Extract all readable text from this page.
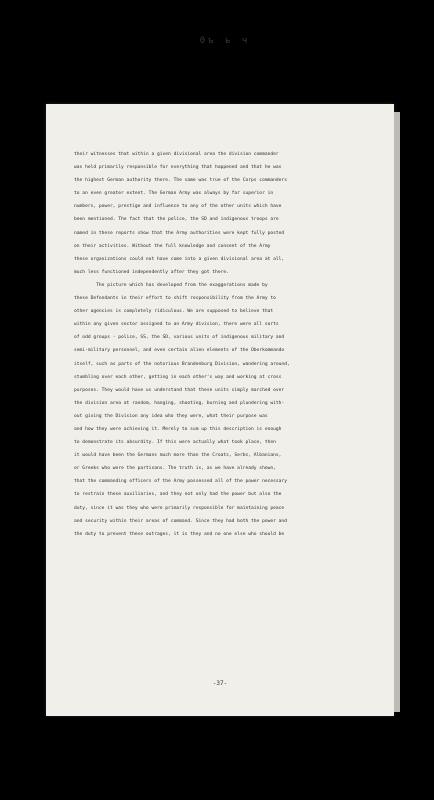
0ъ ь ч
their witnesses that within a given divisional area the division commander
was held primarily responsible for everything that happened and that he was
the highest German authority there. The same was true of the Corps commanders
to an even greater extent. The German Army was always by far superior in
numbers, power, prestige and influence to any of the other units which have
been mentioned. The fact that the police, the SD and indigenous troops are
named in these reports show that the Army authorities were kept fully posted
on their activities. Without the full knowledge and consent of the Army
these organizations could not have come into a given divisional area at all,
much less functioned independently after they got there.
The picture which has developed from the exaggerations made by
these Defendants in their effort to shift responsibility from the Army to
other agencies is completely ridiculous. We are supposed to believe that
within any given sector assigned to an Army division, there were all sorts
of odd groups - police, SS, the SD, various units of indigenous military and
semi-military personnel, and even certain alien elements of the Oberkommando
itself, such as parts of the notorious Brandenburg Division, wandering around,
stumbling over each other, getting in each other's way and working at cross
purposes. They would have us understand that these units simply marched over
the division area at random, hanging, shooting, burning and plundering with-
out giving the Division any idea who they were, what their purpose was
and how they were achieving it. Merely to sum up this description is enough
to demonstrate its absurdity. If this were actually what took place, then
it would have been the Germans much more than the Croats, Serbs, Albanians,
or Greeks who were the partisans. The truth is, as we have already shown,
that the commanding officers of the Army possessed all of the power necessary
to restrain these auxiliaries, and they not only had the power but also the
duty, since it was they who were primarily responsible for maintaining peace
and security within their areas of command. Since they had both the power and
the duty to prevent these outrages, it is they and no one else who should be
-37-
